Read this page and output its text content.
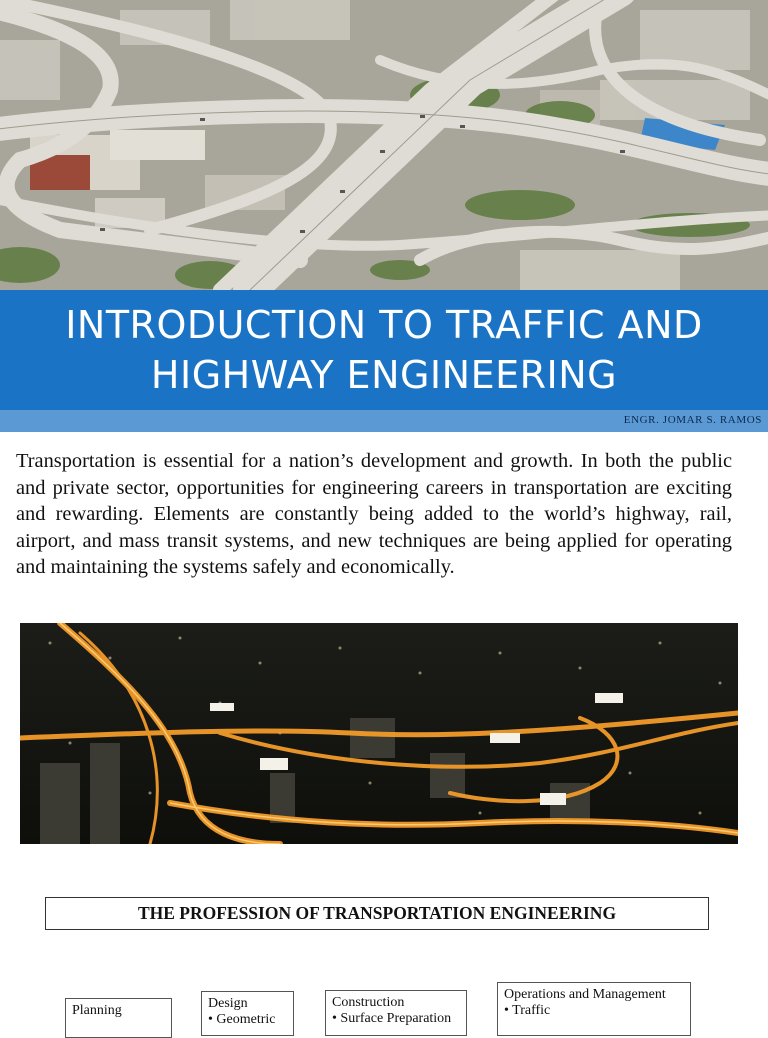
INTRODUCTION TO TRAFFIC AND
HIGHWAY ENGINEERING
ENGR. JOMAR S. RAMOS

Transportation is essential for a nation’s development and growth. In both the public and private sector, opportunities for engineering careers in transportation are exciting and rewarding. Elements are constantly being added to the world’s highway, rail, airport, and mass transit systems, and new techniques are being applied for operating and maintaining the systems safely and economically.

THE PROFESSION OF TRANSPORTATION ENGINEERING
Planning	Design
• Geometric
Construction
• Surface Preparation
Operations and Management
• Traffic
